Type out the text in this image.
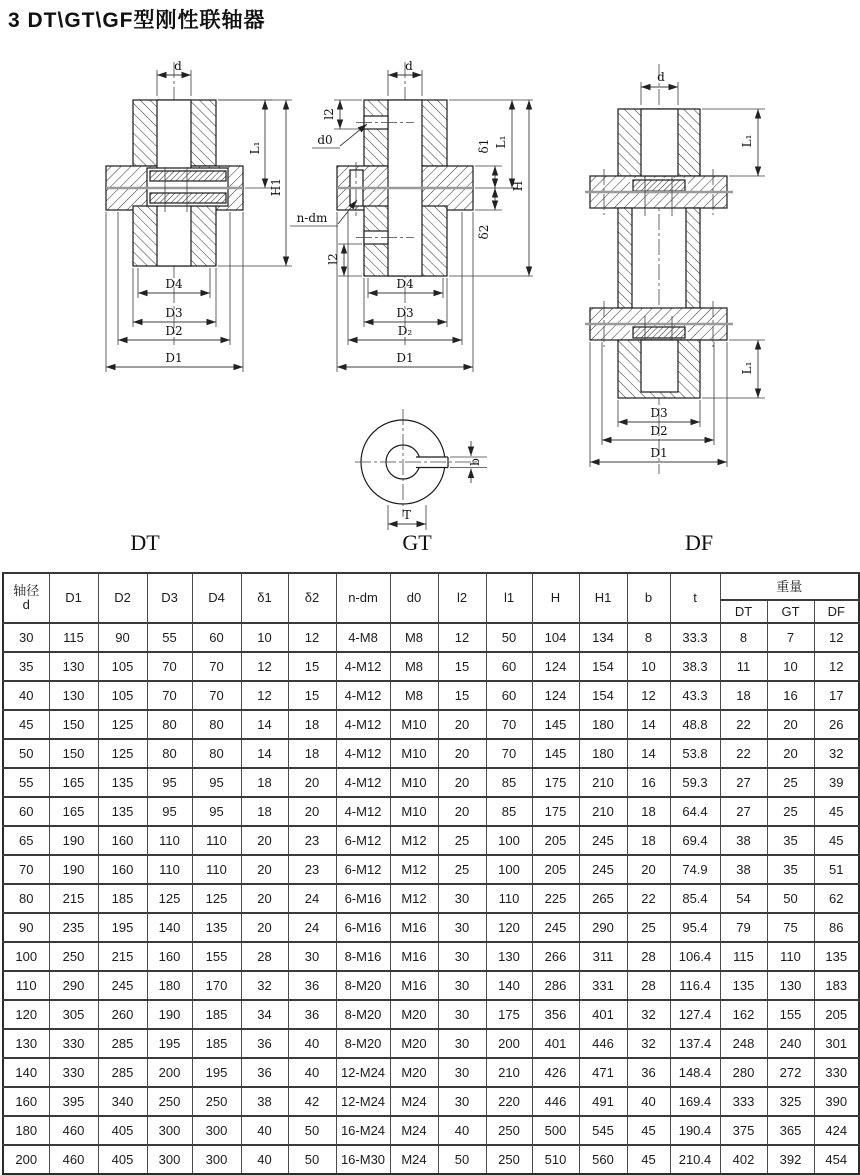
3 DT\GT\GF型刚性联轴器
d
L₁
H1
D4
D3
D2
D1
DT
d
l2
d0
n-dm
l2
δ1 L₁
H
δ2
D4
D3
D₂
D1
b
T
GT
d
L₁
L₁
D3
D2
D1
DF
轴径
d	D1	D2	D3	D4	δ1	δ2	n-dm	d0	l2	l1	H	H1	b	t	重量		
															DT	GT	DF
30	115	90	55	60	10	12	4-M8	M8	12	50	104	134	8	33.3	8	7	12
35	130	105	70	70	12	15	4-M12	M8	15	60	124	154	10	38.3	11	10	12
40	130	105	70	70	12	15	4-M12	M8	15	60	124	154	12	43.3	18	16	17
45	150	125	80	80	14	18	4-M12	M10	20	70	145	180	14	48.8	22	20	26
50	150	125	80	80	14	18	4-M12	M10	20	70	145	180	14	53.8	22	20	32
55	165	135	95	95	18	20	4-M12	M10	20	85	175	210	16	59.3	27	25	39
60	165	135	95	95	18	20	4-M12	M10	20	85	175	210	18	64.4	27	25	45
65	190	160	110	110	20	23	6-M12	M12	25	100	205	245	18	69.4	38	35	45
70	190	160	110	110	20	23	6-M12	M12	25	100	205	245	20	74.9	38	35	51
80	215	185	125	125	20	24	6-M16	M12	30	110	225	265	22	85.4	54	50	62
90	235	195	140	135	20	24	6-M16	M16	30	120	245	290	25	95.4	79	75	86
100	250	215	160	155	28	30	8-M16	M16	30	130	266	311	28	106.4	115	110	135
110	290	245	180	170	32	36	8-M20	M16	30	140	286	331	28	116.4	135	130	183
120	305	260	190	185	34	36	8-M20	M20	30	175	356	401	32	127.4	162	155	205
130	330	285	195	185	36	40	8-M20	M20	30	200	401	446	32	137.4	248	240	301
140	330	285	200	195	36	40	12-M24	M20	30	210	426	471	36	148.4	280	272	330
160	395	340	250	250	38	42	12-M24	M24	30	220	446	491	40	169.4	333	325	390
180	460	405	300	300	40	50	16-M24	M24	40	250	500	545	45	190.4	375	365	424
200	460	405	300	300	40	50	16-M30	M24	50	250	510	560	45	210.4	402	392	454
